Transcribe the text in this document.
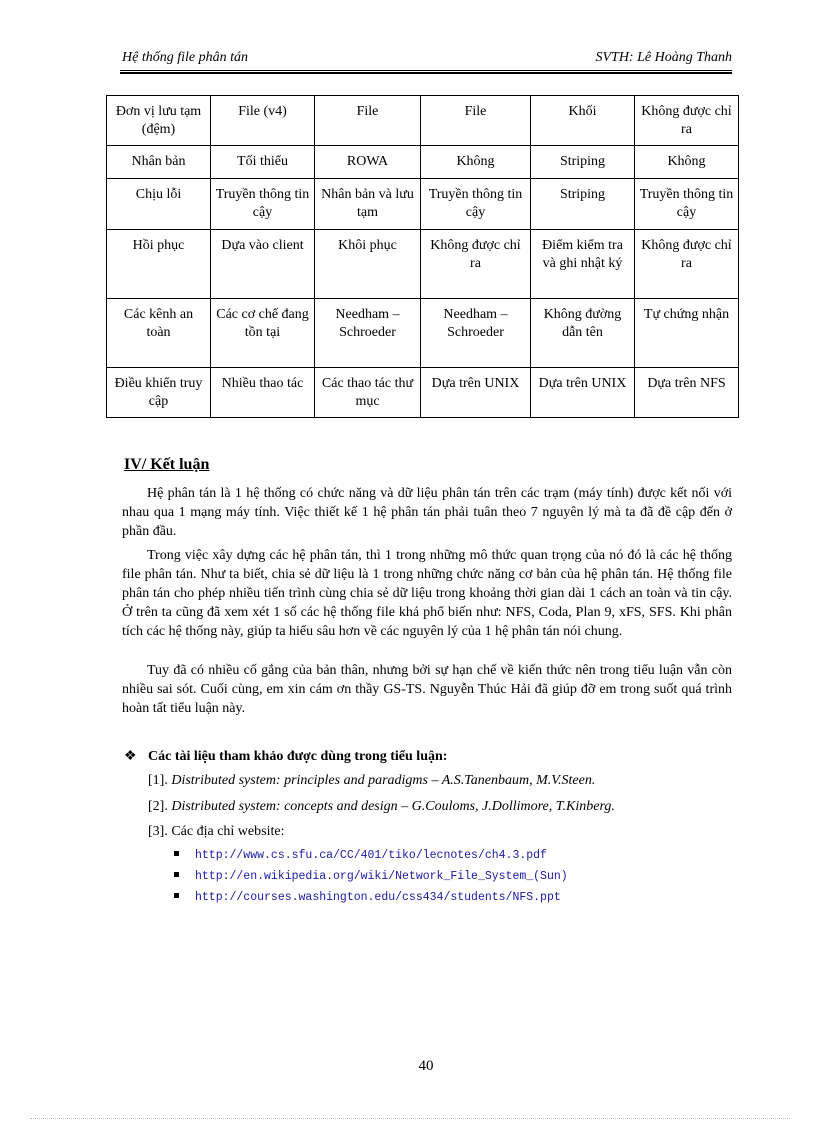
Hệ thống file phân tán	SVTH: Lê Hoàng Thanh
Đơn vị lưu tạm (đệm)	File (v4)	File	File	Khối	Không được chỉ ra
Nhân bản	Tối thiểu	ROWA	Không	Striping	Không
Chịu lỗi	Truyền thông tin cậy	Nhân bản và lưu tạm	Truyền thông tin cậy	Striping	Truyền thông tin cậy
Hồi phục	Dựa vào client	Khôi phục	Không được chỉ ra	Điểm kiểm tra và ghi nhật ký	Không được chỉ ra
Các kênh an toàn	Các cơ chế đang tồn tại	Needham –Schroeder	Needham – Schroeder	Không đường dẫn tên	Tự chứng nhận
Điều khiển truy cập	Nhiều thao tác	Các thao tác thư mục	Dựa trên UNIX	Dựa trên UNIX	Dựa trên NFS
IV/ Kết luận

Hệ phân tán là 1 hệ thống có chức năng và dữ liệu phân tán trên các trạm (máy tính) được kết nối với nhau qua 1 mạng máy tính. Việc thiết kế 1 hệ phân tán phải tuân theo 7 nguyên lý mà ta đã đề cập đến ở phần đầu.

Trong việc xây dựng các hệ phân tán, thì 1 trong những mô thức quan trọng của nó đó là các hệ thống file phân tán. Như ta biết, chia sẻ dữ liệu là 1 trong những chức năng cơ bản của hệ phân tán. Hệ thống file phân tán cho phép nhiều tiến trình cùng chia sẻ dữ liệu trong khoảng thời gian dài 1 cách an toàn và tin cậy. Ở trên ta cũng đã xem xét 1 số các hệ thống file khá phổ biến như: NFS, Coda, Plan 9, xFS, SFS. Khi phân tích các hệ thống này, giúp ta hiểu sâu hơn về các nguyên lý của 1 hệ phân tán nói chung.

Tuy đã có nhiều cố gắng của bản thân, nhưng bởi sự hạn chế về kiến thức nên trong tiểu luận vẫn còn nhiều sai sót. Cuối cùng, em xin cám ơn thầy GS-TS. Nguyễn Thúc Hải đã giúp đỡ em trong suốt quá trình hoàn tất tiểu luận này.

❖ Các tài liệu tham khảo được dùng trong tiểu luận:
[1]. Distributed system: principles and paradigms – A.S.Tanenbaum, M.V.Steen.
[2]. Distributed system: concepts and design – G.Couloms, J.Dollimore, T.Kinberg.
[3]. Các địa chỉ website:
http://www.cs.sfu.ca/CC/401/tiko/lecnotes/ch4.3.pdf
http://en.wikipedia.org/wiki/Network_File_System_(Sun)
http://courses.washington.edu/css434/students/NFS.ppt
40
